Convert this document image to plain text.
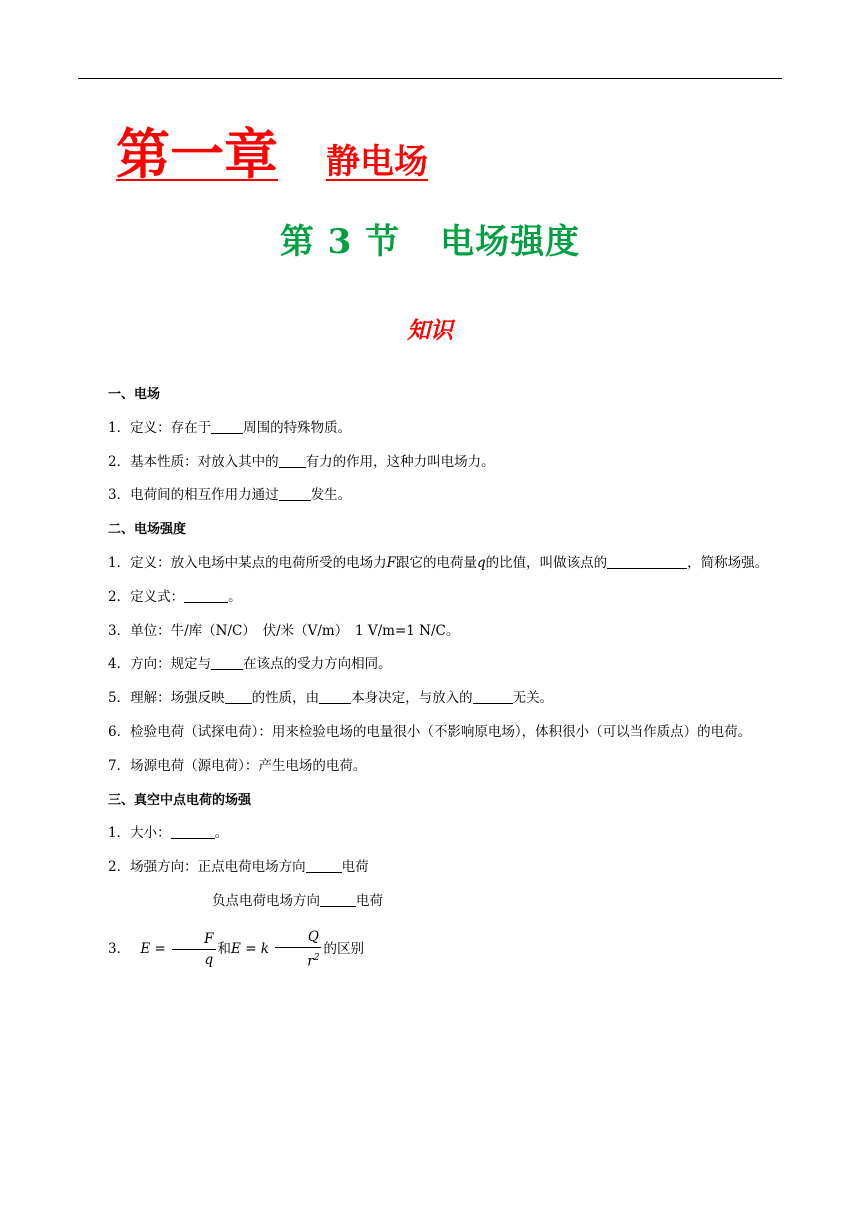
第一章 静电场
第 3 节 电场强度
知识
一、电场
1．定义：存在于 周围的特殊物质。
2．基本性质：对放入其中的 有力的作用，这种力叫电场力。
3．电荷间的相互作用力通过 发生。
二、电场强度
1．定义：放入电场中某点的电荷所受的电场力F跟它的电荷量q的比值，叫做该点的	，简称场强。
2．定义式：	。
3．单位：牛/库（N/C）　伏/米（V/m）　1 V/m=1 N/C。
4．方向：规定与 在该点的受力方向相同。
5．理解：场强反映 的性质，由 本身决定，与放入的	无关。
6．检验电荷（试探电荷）：用来检验电场的电量很小（不影响原电场），体积很小（可以当作质点）的电荷。
7．场源电荷（源电荷）：产生电场的电荷。
三、真空中点电荷的场强
1．大小：	。
2．场强方向：正点电荷电场方向	电荷
负点电荷电场方向	电荷
3． $E = \frac{F}{q}$ 和E = k $\frac{Q}{r^2}$ 的区别
